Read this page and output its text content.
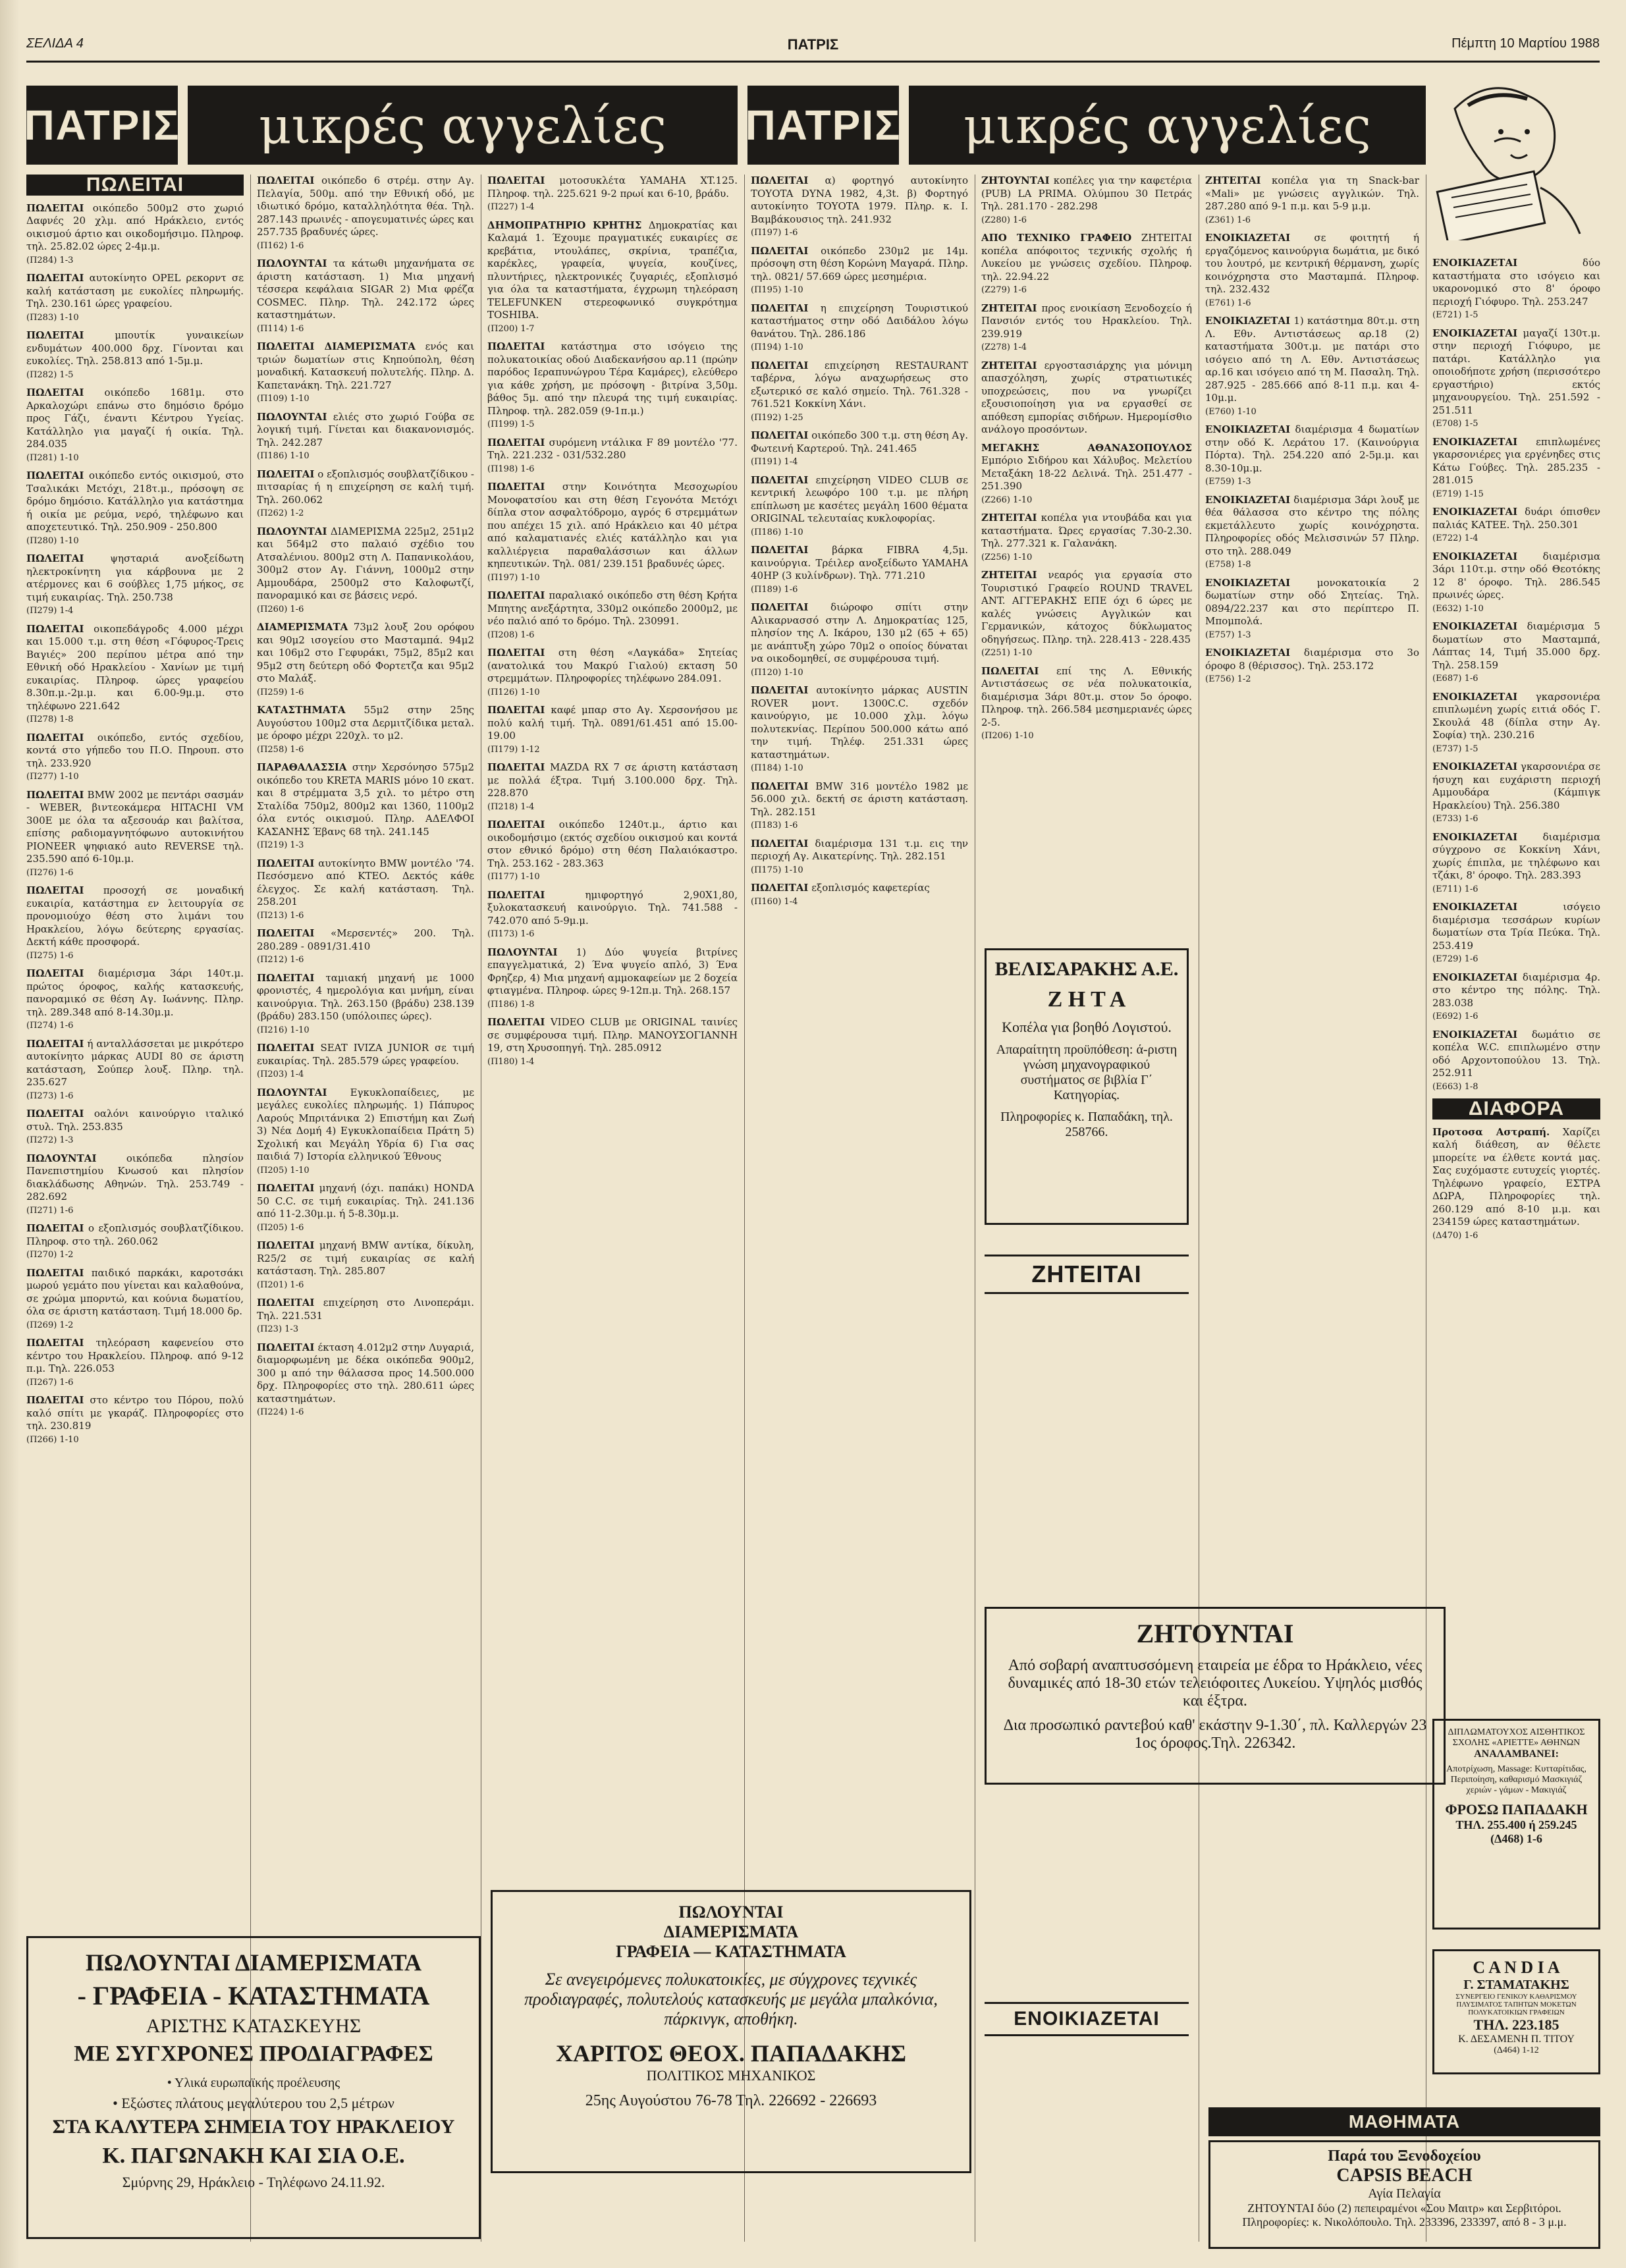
ΣΕΛΙΔΑ 4	ΠΑΤΡΙΣ	Πέμπτη 10 Μαρτίου 1988
ΠΑΤΡΙΣ	μικρές αγγελίες	ΠΑΤΡΙΣ	μικρές αγγελίες
ΠΩΛΕΙΤΑΙ

ΠΩΛΕΙΤΑΙ οικόπεδο 500μ2 στο χωριό Δαφνές 20 χλμ. από Ηράκλειο, εντός οικισμού άρτιο και οικοδομήσιμο. Πληροφ. τηλ. 25.82.02 ώρες 2-4μ.μ.
(Π284) 1-3

ΠΩΛΕΙΤΑΙ αυτοκίνητο OPEL ρεκορντ σε καλή κατάσταση με ευκολίες πληρωμής. Τηλ. 230.161 ώρες γραφείου.
(Π283) 1-10

ΠΩΛΕΙΤΑΙ	μπουτίκ γυναικείων ενδυμάτων 400.000 δρχ. Γίνονται και ευκολίες. Τηλ. 258.813 από 1-5μ.μ.
(Π282) 1-5

ΠΩΛΕΙΤΑΙ οικόπεδο 1681μ. στο Αρκαλοχώρι επάνω στο δημόσιο δρόμο προς Γάζι, έναντι Κέντρου Υγείας. Κατάλληλο για μαγαζί ή οικία. Τηλ. 284.035
(Π281) 1-10

ΠΩΛΕΙΤΑΙ οικόπεδο εντός οικισμού, στο Τσαλικάκι Μετόχι, 218τ.μ., πρόσοψη σε δρόμο δημόσιο. Κατάλληλο για κατάστημα ή οικία με ρεύμα, νερό, τηλέφωνο και αποχετευτικό. Τηλ. 250.909 - 250.800
(Π280) 1-10

ΠΩΛΕΙΤΑΙ	ψησταριά ανοξείδωτη ηλεκτροκίνητη για κάρβουνα με 2 ατέρμονες και 6 σούβλες 1,75 μήκος, σε τιμή ευκαιρίας. Τηλ. 250.738
(Π279) 1-4

ΠΩΛΕΙΤΑΙ οικοπεδάγροδς 4.000 μέχρι και 15.000 τ.μ. στη θέση «Γόφυρος-Τρεις Βαγιές» 200 περίπου μέτρα από την Εθνική οδό Ηρακλείου - Χανίων με τιμή ευκαιρίας. Πληροφ. ώρες γραφείου 8.30π.μ.-2μ.μ. και 6.00-9μ.μ. στο τηλέφωνο 221.642
(Π278) 1-8

ΠΩΛΕΙΤΑΙ οικόπεδο, εντός σχεδίου, κοντά στο γήπεδο του Π.Ο. Πηρουπ. στο τηλ. 233.920
(Π277) 1-10

ΠΩΛΕΙΤΑΙ BMW 2002 με πεντάρι σασμάν - WEBER, βιντεοκάμερα HITACHI VM 300E με όλα τα αξεσουάρ και βαλίτσα, επίσης ραδιομαγνητόφωνο αυτοκινήτου PIONEER ψηφιακό auto REVERSE τηλ. 235.590 από 6-10μ.μ.
(Π276) 1-6

ΠΩΛΕΙΤΑΙ προσοχή σε μοναδική ευκαιρία, κατάστημα εν λειτουργία σε προνομιούχο θέση στο λιμάνι του Ηρακλείου, λόγω δεύτερης εργασίας. Δεκτή κάθε προσφορά.
(Π275) 1-6

ΠΩΛΕΙΤΑΙ διαμέρισμα 3άρι 140τ.μ. πρώτος όροφος, καλής κατασκευής, πανοραμικό σε θέση Αγ. Ιωάννης. Πληρ. τηλ. 289.348 από 8-14.30μ.μ.
(Π274) 1-6

ΠΩΛΕΙΤΑΙ ή ανταλλάσσεται με μικρότερο αυτοκίνητο μάρκας AUDI 80 σε άριστη κατάσταση, Σούπερ λουξ. Πληρ. τηλ. 235.627
(Π273) 1-6

ΠΩΛΕΙΤΑΙ οαλόνι καινούργιο ιταλικό στυλ. Τηλ. 253.835
(Π272) 1-3

ΠΩΛΟΥΝΤΑΙ	οικόπεδα πλησίον Πανεπιστημίου Κνωσού και πλησίον διακλάδωσης Αθηνών. Τηλ. 253.749 - 282.692
(Π271) 1-6

ΠΩΛΕΙΤΑΙ ο εξοπλισμός σουβλατζίδικου. Πληροφ. στο τηλ. 260.062
(Π270) 1-2

ΠΩΛΕΙΤΑΙ παιδικό παρκάκι, καροτσάκι μωρού γεμάτο που γίνεται και καλαθούνα, σε χρώμα μπορντώ, και κούνια δωματίου, όλα σε άριστη κατάσταση. Τιμή 18.000 δρ.
(Π269) 1-2

ΠΩΛΕΙΤΑΙ τηλεόραση καφενείου στο κέντρο του Ηρακλείου. Πληροφ. από 9-12 π.μ. Τηλ. 226.053
(Π267) 1-6

ΠΩΛΕΙΤΑΙ στο κέντρο του Πόρου, πολύ καλό σπίτι με γκαράζ. Πληροφορίες στο τηλ. 230.819
(Π266) 1-10

ΠΩΛΕΙΤΑΙ οικόπεδο 6 στρέμ. στην Αγ. Πελαγία, 500μ. από την Εθνική οδό, με ιδιωτικό δρόμο, καταλληλότητα θέα. Τηλ. 287.143 πρωινές - απογευματινές ώρες και 257.735 βραδυνές ώρες.
(Π162) 1-6

ΠΩΛΟΥΝΤΑΙ τα κάτωθι μηχανήματα σε άριστη κατάσταση. 1) Μια μηχανή τέσσερα κεφάλαια SIGAR 2) Μια φρέζα COSMEC. Πληρ. Τηλ. 242.172 ώρες καταστημάτων.
(Π114) 1-6

ΠΩΛΕΙΤΑΙ ΔΙΑΜΕΡΙΣΜΑΤΑ ενός και τριών δωματίων στις Κηπούπολη, θέση μοναδική. Κατασκευή πολυτελής. Πληρ. Δ. Καπετανάκη. Τηλ. 221.727
(Π109) 1-10

ΠΩΛΟΥΝΤΑΙ ελιές στο χωριό Γούβα σε λογική τιμή. Γίνεται και διακανονισμός. Τηλ. 242.287
(Π186) 1-10

ΠΩΛΕΙΤΑΙ ο εξοπλισμός σουβλατζίδικου - πιτσαρίας ή η επιχείρηση σε καλή τιμή. Τηλ. 260.062
(Π262) 1-2

ΠΩΛΟΥΝΤΑΙ ΔΙΑΜΕΡΙΣΜΑ 225μ2, 251μ2 και 564μ2 στο παλαιό σχέδιο του Ατσαλένιου. 800μ2 στη Λ. Παπανικολάου, 300μ2 στον Αγ. Γιάννη, 1000μ2 στην Αμμουδάρα, 2500μ2 στο Καλοφωτζί, πανοραμικό και σε βάσεις νερό.
(Π260) 1-6

ΔΙΑΜΕΡΙΣΜΑΤΑ 73μ2 λουξ 2ου ορόφου και 90μ2 ισογείου στο Μασταμπά. 94μ2 και 106μ2 στο Γεφυράκι, 75μ2, 85μ2 και 95μ2 στη δεύτερη οδό Φορτετζα και 95μ2 στο Μαλάξ.
(Π259) 1-6

ΚΑΤΑΣΤΗΜΑΤΑ 55μ2 στην 25ης Αυγούστου 100μ2 στα Δερμιτζίδικα μεταλ. με όροφο μέχρι 220χλ. το μ2.
(Π258) 1-6

ΠΑΡΑΘΑΛΑΣΣΙΑ στην Χερσόνησο 575μ2 οικόπεδο του KRETA MARIS μόνο 10 εκατ. και 8 στρέμματα 3,5 χιλ. το μέτρο στη Σταλίδα 750μ2, 800μ2 και 1360, 1100μ2 όλα εντός οικισμού. Πληρ. ΑΔΕΛΦΟΙ ΚΑΣΑΝΗΣ Έβανς 68 τηλ. 241.145
(Π219) 1-3

ΠΩΛΕΙΤΑΙ αυτοκίνητο BMW μοντέλο '74. Πεσόσμενο από KTEO. Δεκτός κάθε έλεγχος. Σε καλή κατάσταση. Τηλ. 258.201
(Π213) 1-6

ΠΩΛΕΙΤΑΙ «Μερσεντές» 200. Τηλ. 280.289 - 0891/31.410
(Π212) 1-6

ΠΩΛΕΙΤΑΙ ταμιακή μηχανή με 1000 φρονιστές, 4 ημερολόγια και μνήμη, είναι καινούργια. Τηλ. 263.150 (βράδυ) 238.139 (βράδυ) 283.150 (υπόλοιπες ώρες).
(Π216) 1-10

ΠΩΛΕΙΤΑΙ SEAT IVIZA JUNIOR σε τιμή ευκαιρίας. Τηλ. 285.579 ώρες γραφείου.
(Π203) 1-4

ΠΩΛΟΥΝΤΑΙ Εγκυκλοπαίδειες, με μεγάλες ευκολίες πληρωμής. 1) Πάπυρος Λαρούς Μπριτάνικα 2) Επιστήμη και Ζωή 3) Νέα Δομή 4) Εγκυκλοπαίδεια Πράτη 5) Σχολική και Μεγάλη Υδρία 6) Για σας παιδιά 7) Ιστορία ελληνικού Έθνους
(Π205) 1-10

ΠΩΛΕΙΤΑΙ μηχανή (όχι. παπάκι) HONDA 50 C.C. σε τιμή ευκαιρίας. Τηλ. 241.136 από 11-2.30μ.μ. ή 5-8.30μ.μ.
(Π205) 1-6

ΠΩΛΕΙΤΑΙ μηχανή BMW αντίκα, δίκυλη, R25/2 σε τιμή ευκαιρίας σε καλή κατάσταση. Τηλ. 285.807
(Π201) 1-6

ΠΩΛΕΙΤΑΙ επιχείρηση στο Λινοπεράμι. Τηλ. 221.531
(Π23) 1-3

ΠΩΛΕΙΤΑΙ έκταση 4.012μ2 στην Λυγαριά, διαμορφωμένη με δέκα οικόπεδα 900μ2, 300 μ από την θάλασσα προς 14.500.000 δρχ. Πληροφορίες στο τηλ. 280.611 ώρες καταστημάτων.
(Π224) 1-6

ΠΩΛΕΙΤΑΙ μοτοσυκλέτα YAMAHA XT.125. Πληροφ. τηλ. 225.621 9-2 πρωί και 6-10, βράδυ.
(Π227) 1-4

ΔΗΜΟΠΡΑΤΗΡΙΟ ΚΡΗΤΗΣ Δημοκρατίας και Καλαμά 1. Έχουμε πραγματικές ευκαιρίες σε κρεβάτια, ντουλάπες, σκρίνια, τραπέζια, καρέκλες, γραφεία, ψυγεία, κουζίνες, πλυντήριες, ηλεκτρονικές ζυγαριές, εξοπλισμό για όλα τα καταστήματα, έγχρωμη τηλεόραση TELEFUNKEN στερεοφωνικό συγκρότημα TOSHIBA.
(Π200) 1-7

ΠΩΛΕΙΤΑΙ κατάστημα στο ισόγειο της πολυκατοικίας οδού Διαδεκανήσου αρ.11 (πρώην παρόδος Ιεραπυνώγρου Τέρα Καμάρες), ελεύθερο για κάθε χρήση, με πρόσοψη - βιτρίνα 3,50μ. βάθος 5μ. από την πλευρά της τιμή ευκαιρίας. Πληροφ. τηλ. 282.059 (9-1π.μ.)
(Π199) 1-5

ΠΩΛΕΙΤΑΙ συρόμενη ντάλικα F 89 μοντέλο '77. Τηλ. 221.232 - 031/532.280
(Π198) 1-6

ΠΩΛΕΙΤΑΙ στην Κοινότητα Μεσοχωρίου Μονοφατσίου και στη θέση Γεγονότα Μετόχι δίπλα στον ασφαλτόδρομο, αγρός 6 στρεμμάτων που απέχει 15 χιλ. από Ηράκλειο και 40 μέτρα από καλαματιανές ελιές κατάλληλο και για καλλιέργεια παραθαλάσσιων και άλλων κηπευτικών. Τηλ. 081/ 239.151 βραδυνές ώρες.
(Π197) 1-10

ΠΩΛΕΙΤΑΙ παραλιακό οικόπεδο στη θέση Κρήτα Μπητης ανεξάρτητα, 330μ2 οικόπεδο 2000μ2, με νέο παλιό από το δρόμο. Τηλ. 230991.
(Π208) 1-6

ΠΩΛΕΙΤΑΙ στη θέση «Λαγκάδα» Σητείας (ανατολικά του Μακρύ Γιαλού) εκταση 50 στρεμμάτων. Πληροφορίες τηλέφωνο 284.091.
(Π126) 1-10

ΠΩΛΕΙΤΑΙ καφέ μπαρ στο Αγ. Χερσονήσου με πολύ καλή τιμή. Τηλ. 0891/61.451 από 15.00-19.00
(Π179) 1-12

ΠΩΛΕΙΤΑΙ MAZDA RX 7 σε άριστη κατάσταση με πολλά έξτρα. Τιμή 3.100.000 δρχ. Τηλ. 228.870
(Π218) 1-4

ΠΩΛΕΙΤΑΙ οικόπεδο 1240τ.μ., άρτιο και οικοδομήσιμο (εκτός σχεδίου οικισμού και κοντά στον εθνικό δρόμο) στη θέση Παλαιόκαστρο. Τηλ. 253.162 - 283.363
(Π177) 1-10

ΠΩΛΕΙΤΑΙ	ημιφορτηγό 2,90Χ1,80, ξυλοκατασκευή καινούργιο. Τηλ. 741.588 - 742.070 από 5-9μ.μ.
(Π173) 1-6

ΠΩΛΟΥΝΤΑΙ 1) Δύο ψυγεία βιτρίνες επαγγελματικά, 2) Ένα ψυγείο απλό, 3) Ένα Φρηζερ, 4) Μια μηχανή αμμοκαφείων με 2 δοχεία φτιαγμένα. Πληροφ. ώρες 9-12π.μ. Τηλ. 268.157
(Π186) 1-8

ΠΩΛΕΙΤΑΙ VIDEO CLUB με ORIGINAL ταινίες σε συμφέρουσα τιμή. Πληρ. ΜΑΝΟΥΣΟΓΙΑΝΝΗ 19, στη Χρυσοπηγή. Τηλ. 285.0912
(Π180) 1-4

ΠΩΛΕΙΤΑΙ α) φορτηγό αυτοκίνητο TOYOTA DYNA 1982, 4,3t. β) Φορτηγό αυτοκίνητο TOYOTA 1979. Πληρ. κ. Ι. Βαμβάκουσιος τηλ. 241.932
(Π197) 1-6

ΠΩΛΕΙΤΑΙ οικόπεδο 230μ2 με 14μ. πρόσοψη στη θέση Κορώνη Μαγαρά. Πληρ. τηλ. 0821/ 57.669 ώρες μεσημέρια.
(Π195) 1-10

ΠΩΛΕΙΤΑΙ η επιχείρηση Τουριστικού καταστήματος στην οδό Δαιδάλου λόγω θανάτου. Τηλ. 286.186
(Π194) 1-10

ΠΩΛΕΙΤΑΙ επιχείρηση RESTAURANT ταβέρνα, λόγω αναχωρήσεως στο εξωτερικό σε καλό σημείο. Τηλ. 761.328 - 761.521 Κοκκίνη Χάνι.
(Π192) 1-25

ΠΩΛΕΙΤΑΙ οικόπεδο 300 τ.μ. στη θέση Αγ. Φωτεινή Καρτερού. Τηλ. 241.465
(Π191) 1-4

ΠΩΛΕΙΤΑΙ επιχείρηση VIDEO CLUB σε κεντρική λεωφόρο 100 τ.μ. με πλήρη επίπλωση με κασέτες μεγάλη 1600 θέματα ORIGINAL τελευταίας κυκλοφορίας.
(Π186) 1-10

ΠΩΛΕΙΤΑΙ βάρκα FIBRA 4,5μ. καινούργια. Τρέιλερ ανοξείδωτο YAMAHA 40HP (3 κυλίνδρων). Τηλ. 771.210
(Π189) 1-6

ΠΩΛΕΙΤΑΙ διώροφο σπίτι στην Αλικαρνασσό στην Λ. Δημοκρατίας 125, πλησίον της Λ. Ικάρου, 130 μ2 (65 + 65) με ανάπτυξη χώρο 70μ2 ο οποίος δύναται να οικοδομηθεί, σε συμφέρουσα τιμή.
(Π120) 1-10

ΠΩΛΕΙΤΑΙ αυτοκίνητο μάρκας AUSTIN ROVER μοντ. 1300C.C. σχεδόν καινούργιο, με 10.000 χλμ. λόγω πολυτεκνίας. Περίπου 500.000 κάτω από την τιμή. Τηλέφ. 251.331 ώρες καταστημάτων.
(Π184) 1-10

ΠΩΛΕΙΤΑΙ BMW 316 μοντέλο 1982 με 56.000 χιλ. δεκτή σε άριστη κατάσταση. Τηλ. 282.151
(Π183) 1-6

ΠΩΛΕΙΤΑΙ διαμέρισμα 131 τ.μ. εις την περιοχή Αγ. Αικατερίνης. Τηλ. 282.151
(Π175) 1-10

ΠΩΛΕΙΤΑΙ εξοπλισμός καφετερίας
(Π160) 1-4

ΖΗΤΟΥΝΤΑΙ κοπέλες για την καφετέρια (PUB) LA PRIMA. Ολύμπου 30 Πετράς Τηλ. 281.170 - 282.298
(Z280) 1-6

ΑΠΟ ΤΕΧΝΙΚΟ ΓΡΑΦΕΙΟ ΖΗΤΕΙΤΑΙ κοπέλα απόφοιτος τεχνικής σχολής ή Λυκείου με γνώσεις σχεδίου. Πληροφ. τηλ. 22.94.22
(Z279) 1-6

ΖΗΤΕΙΤΑΙ προς ενοικίαση Ξενοδοχείο ή Πανσιόν εντός του Ηρακλείου. Τηλ. 239.919
(Z278) 1-4

ΖΗΤΕΙΤΑΙ εργοστασιάρχης για μόνιμη απασχόληση, χωρίς στρατιωτικές υποχρεώσεις, που να γνωρίζει εξουσιοποίηση για να εργασθεί σε απόθεση εμπορίας σιδήρων. Ημερομίσθιο ανάλογο προσόντων.

ΜΕΓΑΚΗΣ ΑΘΑΝΑΣΟΠΟΥΛΟΣ Εμπόριο Σιδήρου και Χάλυβος. Μελετίου Μεταξάκη 18-22 Δελινά. Τηλ. 251.477 - 251.390
(Z266) 1-10

ΖΗΤΕΙΤΑΙ κοπέλα για ντουβάδα και για καταστήματα. Ώρες εργασίας 7.30-2.30. Τηλ. 277.321 κ. Γαλανάκη.
(Z256) 1-10

ΖΗΤΕΙΤΑΙ νεαρός για εργασία στο Τουριστικό Γραφείο ROUND TRAVEL ANT. ΑΓΓΕΡΑΚΗΣ ΕΠΕ όχι 6 ώρες με καλές γνώσεις Αγγλικών και Γερμανικών, κάτοχος δύκλωματος οδηγήσεως. Πληρ. τηλ. 228.413 - 228.435
(Z251) 1-10

ΠΩΛΕΙΤΑΙ επί της Λ. Εθνικής Αντιστάσεως σε νέα πολυκατοικία, διαμέρισμα 3άρι 80τ.μ. στον 5ο όροφο. Πληροφ. τηλ. 266.584 μεσημεριανές ώρες 2-5.
(Π206) 1-10

ΖΗΤΕΙΤΑΙ κοπέλα για τη Snack-bar «Mali» με γνώσεις αγγλικών. Τηλ. 287.280 από 9-1 π.μ. και 5-9 μ.μ.
(Z361) 1-6

ΕΝΟΙΚΙΑΖΕΤΑΙ σε φοιτητή ή εργαζόμενος καινούργια δωμάτια, με δικό του λουτρό, με κεντρική θέρμανση, χωρίς κοινόχρηστα στο Μασταμπά. Πληροφ. τηλ. 232.432
(E761) 1-6

ΕΝΟΙΚΙΑΖΕΤΑΙ 1) κατάστημα 80τ.μ. στη Λ. Εθν. Αντιστάσεως αρ.18 (2) καταστήματα 300τ.μ. με πατάρι στο ισόγειο από τη Λ. Εθν. Αντιστάσεως αρ.16 και ισόγειο από τη Μ. Πασαλη. Τηλ. 287.925 - 285.666 από 8-11 π.μ. και 4-10μ.μ.
(E760) 1-10

ΕΝΟΙΚΙΑΖΕΤΑΙ διαμέρισμα 4 δωματίων στην οδό Κ. Λεράτου 17. (Καινούργια Πόρτα). Τηλ. 254.220 από 2-5μ.μ. και 8.30-10μ.μ.
(E759) 1-3

ΕΝΟΙΚΙΑΖΕΤΑΙ διαμέρισμα 3άρι λουξ με θέα θάλασσα στο κέντρο της πόλης εκμετάλλευτο χωρίς κοινόχρηστα. Πληροφορίες οδός Μελισσινών 57 Πληρ. στο τηλ. 288.049
(E758) 1-8

ΕΝΟΙΚΙΑΖΕΤΑΙ	μονοκατοικία 2 δωματίων στην οδό Σητείας. Τηλ. 0894/22.237 και στο περίπτερο Π. Μπομπολά.
(E757) 1-3

ΕΝΟΙΚΙΑΖΕΤΑΙ διαμέρισμα στο 3ο όροφο 8 (θέρισσος). Τηλ. 253.172
(E756) 1-2

ΕΝΟΙΚΙΑΖΕΤΑΙ	δύο καταστήματα στο ισόγειο και υκαρονομικό στο 8' όροφο περιοχή Γιόφυρο. Τηλ. 253.247
(E721) 1-5

ΕΝΟΙΚΙΑΖΕΤΑΙ μαγαζί 130τ.μ. στην περιοχή Γιόφυρο, με πατάρι. Κατάλληλο για οποιοδήποτε χρήση (περισσότερο εργαστήριο) εκτός μηχανουργείου. Τηλ. 251.592 - 251.511
(E708) 1-5

ΕΝΟΙΚΙΑΖΕΤΑΙ επιπλωμένες γκαρσονιέρες για εργένηδες στις Κάτω Γούβες. Τηλ. 285.235 - 281.015
(E719) 1-15

ΕΝΟΙΚΙΑΖΕΤΑΙ δυάρι όπισθεν παλιάς ΚΑΤΕΕ. Τηλ. 250.301
(E722) 1-4

ΕΝΟΙΚΙΑΖΕΤΑΙ	διαμέρισμα 3άρι 110τ.μ. στην οδό Θεοτόκης 12 8' όροφο. Τηλ. 286.545 πρωινές ώρες.
(E632) 1-10

ΕΝΟΙΚΙΑΖΕΤΑΙ διαμέρισμα 5 δωματίων στο Μασταμπά, Λάπτας 14, Τιμή 35.000 δρχ. Τηλ. 258.159
(E687) 1-6

ΕΝΟΙΚΙΑΖΕΤΑΙ γκαρσονιέρα επιπλωμένη χωρίς ειτιά οδός Γ. Σκουλά 48 (δίπλα στην Αγ. Σοφία) τηλ. 230.216
(E737) 1-5

ΕΝΟΙΚΙΑΖΕΤΑΙ γκαρσονιέρα σε ήσυχη και ευχάριστη περιοχή Αμμουδάρα (Κάμπιγκ Ηρακλείου) Τηλ. 256.380
(E733) 1-6

ΕΝΟΙΚΙΑΖΕΤΑΙ	διαμέρισμα σύγχρονο σε Κοκκίνη Χάνι, χωρίς έπιπλα, με τηλέφωνο και τζάκι, 8' όροφο. Τηλ. 283.393
(E711) 1-6

ΕΝΟΙΚΙΑΖΕΤΑΙ	ισόγειο διαμέρισμα τεσσάρων κυρίων δωματίων στα Τρία Πεύκα. Τηλ. 253.419
(E729) 1-6

ΕΝΟΙΚΙΑΖΕΤΑΙ διαμέρισμα 4ρ. στο κέντρο της πόλης. Τηλ. 283.038
(E692) 1-6

ΕΝΟΙΚΙΑΖΕΤΑΙ δωμάτιο σε κοπέλα W.C. επιπλωμένο στην οδό Αρχοντοπούλου 13. Τηλ. 252.911
(E663) 1-8

ΔΙΑΦΟΡΑ

Προτοσα Αστραπή. Χαρίζει καλή διάθεση, αν θέλετε μπορείτε να έλθετε κοντά μας. Σας ευχόμαστε ευτυχείς γιορτές. Τηλέφωνο γραφείο, ΕΣΤΡΑ ΔΩΡΑ, Πληροφορίες τηλ. 260.129 από 8-10 μ.μ. και 234159 ώρες καταστημάτων.
(Δ470) 1-6

ΒΕΛΙΣΑΡΑΚΗΣ Α.Ε.
Ζ Η Τ Α
Κοπέλα για βοηθό Λογιστού.
Απαραίτητη προϋπόθεση: ά-ριστη γνώση μηχανογραφικού συστήματος σε βιβλία Γ΄ Κατηγορίας.
Πληροφορίες κ. Παπαδάκη, τηλ. 258766.
ΖΗΤΕΙΤΑΙ
ΖΗΤΟΥΝΤΑΙ
Από σοβαρή αναπτυσσόμενη εταιρεία με έδρα το Ηράκλειο, νέες δυναμικές από 18-30 ετών τελειόφοιτες Λυκείου. Υψηλός μισθός και έξτρα.
Δια προσωπικό ραντεβού καθ' εκάστην 9-1.30΄, πλ. Καλλεργών 23 1ος όροφος.Τηλ. 226342.
ΕΝΟΙΚΙΑΖΕΤΑΙ
ΠΩΛΟΥΝΤΑΙ ΔΙΑΜΕΡΙΣΜΑΤΑ
- ΓΡΑΦΕΙΑ - ΚΑΤΑΣΤΗΜΑΤΑ
ΑΡΙΣΤΗΣ ΚΑΤΑΣΚΕΥΗΣ
ΜΕ ΣΥΓΧΡΟΝΕΣ ΠΡΟΔΙΑΓΡΑΦΕΣ
• Υλικά ευρωπαϊκής προέλευσης
• Εξώστες πλάτους μεγαλύτερου του 2,5 μέτρων
ΣΤΑ ΚΑΛΥΤΕΡΑ ΣΗΜΕΙΑ ΤΟΥ ΗΡΑΚΛΕΙΟΥ
Κ. ΠΑΓΩΝΑΚΗ ΚΑΙ ΣΙΑ Ο.Ε.
Σμύρνης 29, Ηράκλειο - Τηλέφωνο 24.11.92.
ΠΩΛΟΥΝΤΑΙ
ΔΙΑΜΕΡΙΣΜΑΤΑ
ΓΡΑΦΕΙΑ — ΚΑΤΑΣΤΗΜΑΤΑ
Σε ανεγειρόμενες πολυκατοικίες, με σύγχρονες τεχνικές προδιαγραφές, πολυτελούς κατασκευής με μεγάλα μπαλκόνια, πάρκινγκ, αποθήκη.
ΧΑΡΙΤΟΣ ΘΕΟΧ. ΠΑΠΑΔΑΚΗΣ
ΠΟΛΙΤΙΚΟΣ ΜΗΧΑΝΙΚΟΣ
25ης Αυγούστου 76-78 Τηλ. 226692 - 226693
ΔΙΠΛΩΜΑΤΟΥΧΟΣ ΑΙΣΘΗΤΙΚΟΣ
ΣΧΟΛΗΣ «ΑΡΙΕΤΤΕ» ΑΘΗΝΩΝ
ΑΝΑΛΑΜΒΑΝΕΙ:
Αποτρίχωση, Massage: Κυτταρίτιδας, Περιποίηση, καθαρισμό Μασκιγιάζ χεριών - γάμων - Μακιγιάζ
ΦΡΟΣΩ ΠΑΠΑΔΑΚΗ
ΤΗΛ. 255.400 ή 259.245
(Δ468) 1-6
C A N D I A
Γ. ΣΤΑΜΑΤΑΚΗΣ
ΣΥΝΕΡΓΕΙΟ ΓΕΝΙΚΟΥ ΚΑΘΑΡΙΣΜΟΥ ΠΛΥΣΙΜΑΤΟΣ ΤΑΠΗΤΩΝ ΜΟΚΕΤΩΝ ΠΟΛΥΚΑΤΟΙΚΙΩΝ ΓΡΑΦΕΙΩΝ
ΤΗΛ. 223.185
Κ. ΔΕΣΑΜΕΝΗ Π. ΤΙΤΟΥ
(Δ464) 1-12
ΜΑΘΗΜΑΤΑ
Παρά του Ξενοδοχείου
CAPSIS BEACH
Αγία Πελαγία
ΖΗΤΟΥΝΤΑΙ δύο (2) πεπειραμένοι «Σου Μαιτρ» και Σερβιτόροι. Πληροφορίες: κ. Νικολόπουλο. Τηλ. 233396, 233397, από 8 - 3 μ.μ.
